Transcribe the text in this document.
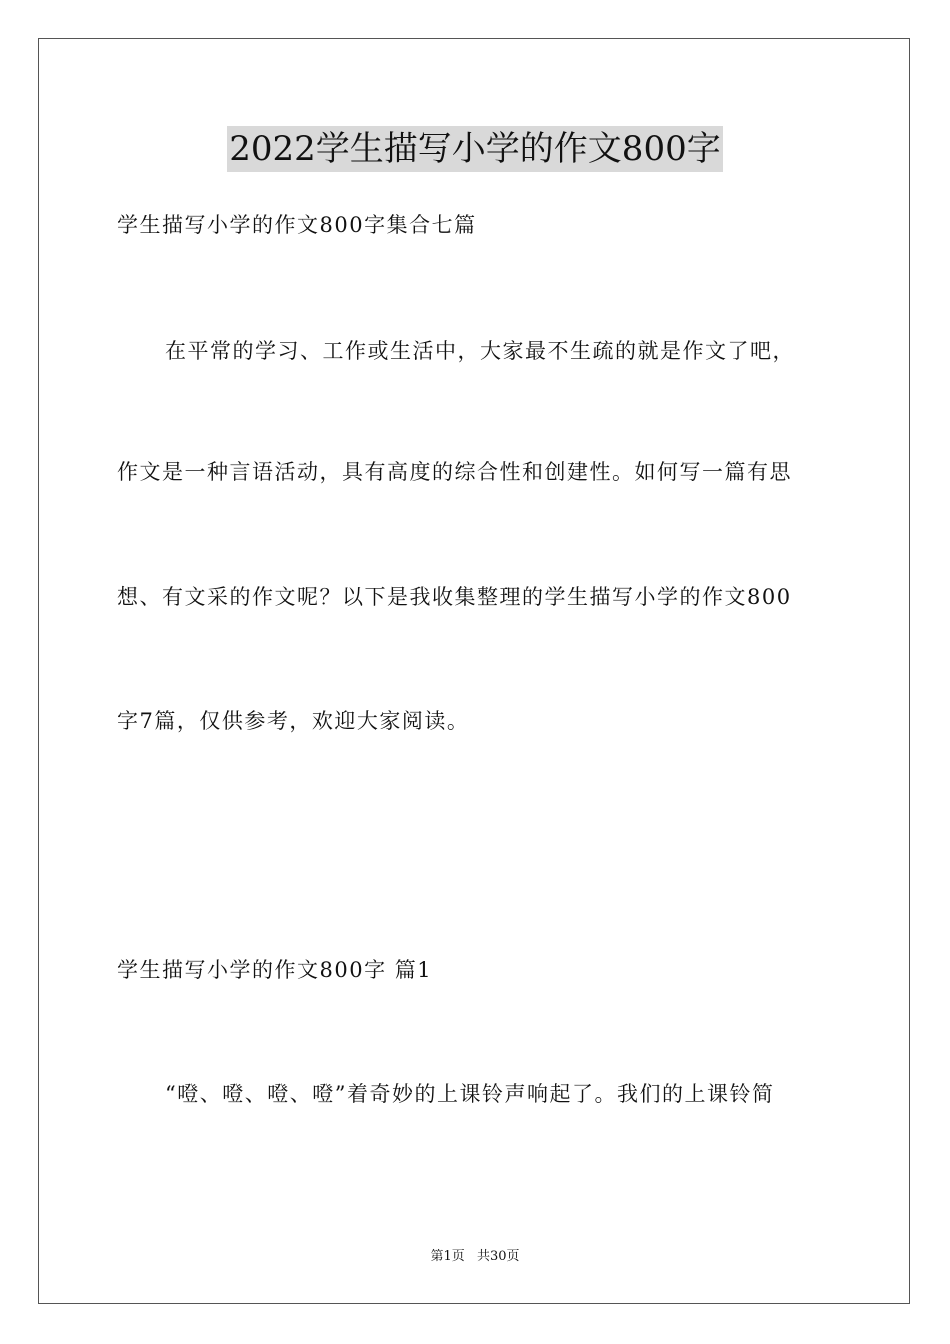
2022学生描写小学的作文800字
学生描写小学的作文800字集合七篇
在平常的学习、工作或生活中，大家最不生疏的就是作文了吧，
作文是一种言语活动，具有高度的综合性和创建性。如何写一篇有思
想、有文采的作文呢？以下是我收集整理的学生描写小学的作文800
字7篇，仅供参考，欢迎大家阅读。
学生描写小学的作文800字 篇1
“噔、噔、噔、噔”着奇妙的上课铃声响起了。我们的上课铃简
第1页 共30页
